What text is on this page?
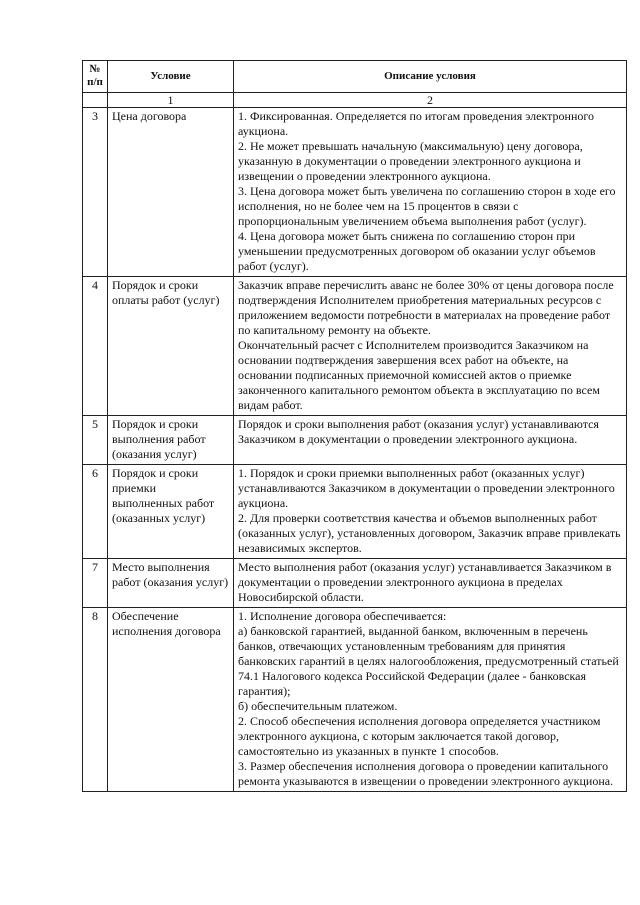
№ п/п	Условие	Описание условия
	1	2
3	Цена договора	1. Фиксированная. Определяется по итогам проведения электронного аукциона.
2. Не может превышать начальную (максимальную) цену договора, указанную в документации о проведении электронного аукциона и извещении о проведении электронного аукциона.
3. Цена договора может быть увеличена по соглашению сторон в ходе его исполнения, но не более чем на 15 процентов в связи с пропорциональным увеличением объема выполнения работ (услуг).
4. Цена договора может быть снижена по соглашению сторон при уменьшении предусмотренных договором об оказании услуг объемов работ (услуг).

4	Порядок и сроки оплаты работ (услуг)	Заказчик вправе перечислить аванс не более 30% от цены договора после подтверждения Исполнителем приобретения материальных ресурсов с приложением ведомости потребности в материалах на проведение работ по капитальному ремонту на объекте.
Окончательный расчет с Исполнителем производится Заказчиком на основании подтверждения завершения всех работ на объекте, на основании подписанных приемочной комиссией актов о приемке законченного капитального ремонтом объекта в эксплуатацию по всем видам работ.

5	Порядок и сроки выполнения работ (оказания услуг)	Порядок и сроки выполнения работ (оказания услуг) устанавливаются Заказчиком в документации о проведении электронного аукциона.

6	Порядок и сроки приемки выполненных работ (оказанных услуг)	1. Порядок и сроки приемки выполненных работ (оказанных услуг) устанавливаются Заказчиком в документации о проведении электронного аукциона.
2. Для проверки соответствия качества и объемов выполненных работ (оказанных услуг), установленных договором, Заказчик вправе привлекать независимых экспертов.

7	Место выполнения работ (оказания услуг)	Место выполнения работ (оказания услуг) устанавливается Заказчиком в документации о проведении электронного аукциона в пределах Новосибирской области.

8	Обеспечение исполнения договора	1. Исполнение договора обеспечивается:
а) банковской гарантией, выданной банком, включенным в перечень банков, отвечающих установленным требованиям для принятия банковских гарантий в целях налогообложения, предусмотренный статьей 74.1 Налогового кодекса Российской Федерации (далее - банковская гарантия);
б) обеспечительным платежом.
2. Способ обеспечения исполнения договора определяется участником электронного аукциона, с которым заключается такой договор, самостоятельно из указанных в пункте 1 способов.
3. Размер обеспечения исполнения договора о проведении капитального ремонта указываются в извещении о проведении электронного аукциона.
